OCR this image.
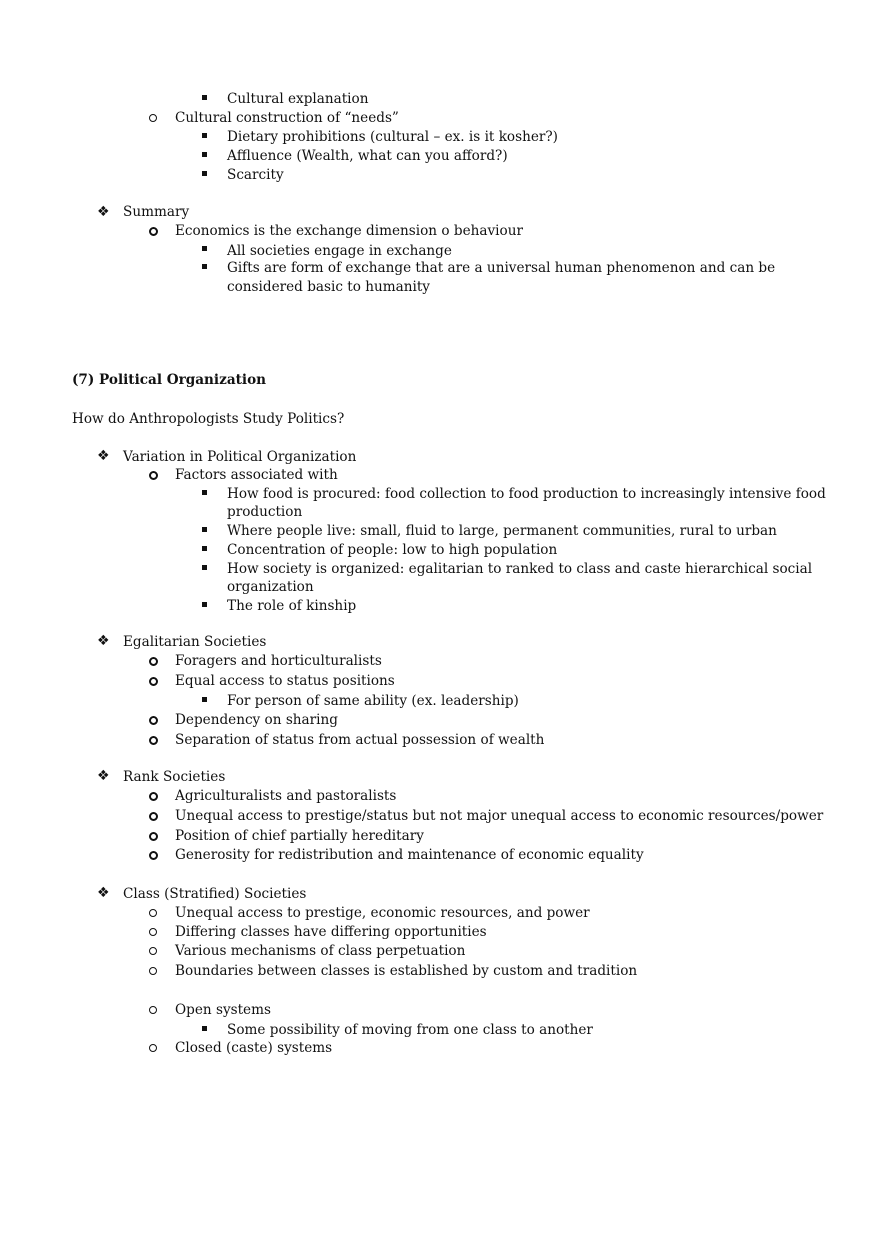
Cultural explanation
Cultural construction of “needs”
Dietary prohibitions (cultural – ex. is it kosher?)
Affluence (Wealth, what can you afford?)
Scarcity
❖ Summary
Economics is the exchange dimension o behaviour
All societies engage in exchange
Gifts are form of exchange that are a universal human phenomenon and can be
considered basic to humanity
(7) Political Organization
How do Anthropologists Study Politics?
❖ Variation in Political Organization
Factors associated with
How food is procured: food collection to food production to increasingly intensive food
production
Where people live: small, fluid to large, permanent communities, rural to urban
Concentration of people: low to high population
How society is organized: egalitarian to ranked to class and caste hierarchical social
organization
The role of kinship
❖ Egalitarian Societies
Foragers and horticulturalists
Equal access to status positions
For person of same ability (ex. leadership)
Dependency on sharing
Separation of status from actual possession of wealth
❖ Rank Societies
Agriculturalists and pastoralists
Unequal access to prestige/status but not major unequal access to economic resources/power
Position of chief partially hereditary
Generosity for redistribution and maintenance of economic equality
❖ Class (Stratified) Societies
Unequal access to prestige, economic resources, and power
Differing classes have differing opportunities
Various mechanisms of class perpetuation
Boundaries between classes is established by custom and tradition
Open systems
Some possibility of moving from one class to another
Closed (caste) systems
